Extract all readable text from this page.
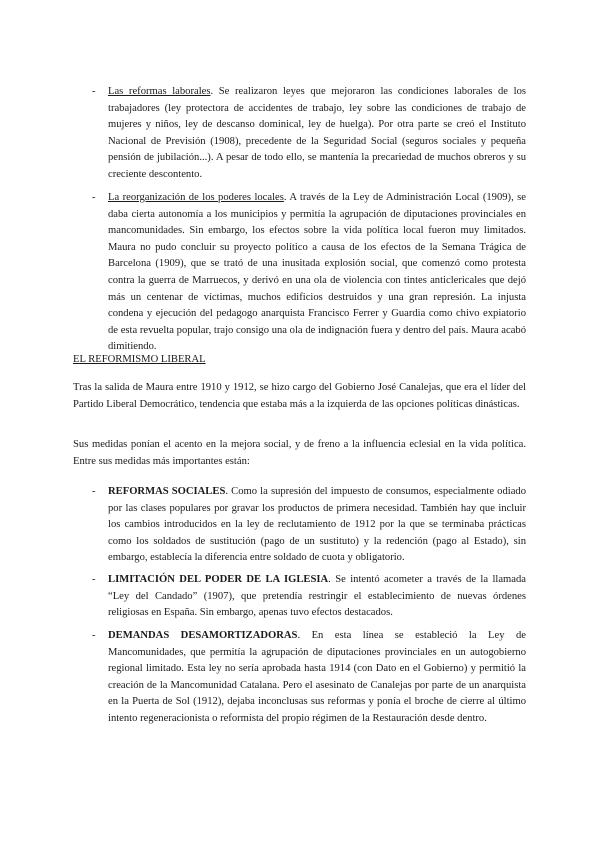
- Las reformas laborales. Se realizaron leyes que mejoraron las condiciones laborales de los trabajadores (ley protectora de accidentes de trabajo, ley sobre las condiciones de trabajo de mujeres y niños, ley de descanso dominical, ley de huelga). Por otra parte se creó el Instituto Nacional de Previsión (1908), precedente de la Seguridad Social (seguros sociales y pequeña pensión de jubilación...). A pesar de todo ello, se mantenía la precariedad de muchos obreros y su creciente descontento.
- La reorganización de los poderes locales. A través de la Ley de Administración Local (1909), se daba cierta autonomía a los municipios y permitía la agrupación de diputaciones provinciales en mancomunidades. Sin embargo, los efectos sobre la vida política local fueron muy limitados. Maura no pudo concluir su proyecto político a causa de los efectos de la Semana Trágica de Barcelona (1909), que se trató de una inusitada explosión social, que comenzó como protesta contra la guerra de Marruecos, y derivó en una ola de violencia con tintes anticlericales que dejó más un centenar de víctimas, muchos edificios destruidos y una gran represión. La injusta condena y ejecución del pedagogo anarquista Francisco Ferrer y Guardia como chivo expiatorio de esta revuelta popular, trajo consigo una ola de indignación fuera y dentro del país. Maura acabó dimitiendo.
EL REFORMISMO LIBERAL
Tras la salida de Maura entre 1910 y 1912, se hizo cargo del Gobierno José Canalejas, que era el líder del Partido Liberal Democrático, tendencia que estaba más a la izquierda de las opciones políticas dinásticas.
Sus medidas ponían el acento en la mejora social, y de freno a la influencia eclesial en la vida política. Entre sus medidas más importantes están:
- REFORMAS SOCIALES. Como la supresión del impuesto de consumos, especialmente odiado por las clases populares por gravar los productos de primera necesidad. También hay que incluir los cambios introducidos en la ley de reclutamiento de 1912 por la que se terminaba prácticas como los soldados de sustitución (pago de un sustituto) y la redención (pago al Estado), sin embargo, establecía la diferencia entre soldado de cuota y obligatorio.
- LIMITACIÓN DEL PODER DE LA IGLESIA. Se intentó acometer a través de la llamada “Ley del Candado” (1907), que pretendía restringir el establecimiento de nuevas órdenes religiosas en España. Sin embargo, apenas tuvo efectos destacados.
- DEMANDAS DESAMORTIZADORAS. En esta línea se estableció la Ley de Mancomunidades, que permitía la agrupación de diputaciones provinciales en un autogobierno regional limitado. Esta ley no sería aprobada hasta 1914 (con Dato en el Gobierno) y permitió la creación de la Mancomunidad Catalana. Pero el asesinato de Canalejas por parte de un anarquista en la Puerta de Sol (1912), dejaba inconclusas sus reformas y ponía el broche de cierre al último intento regeneracionista o reformista del propio régimen de la Restauración desde dentro.
